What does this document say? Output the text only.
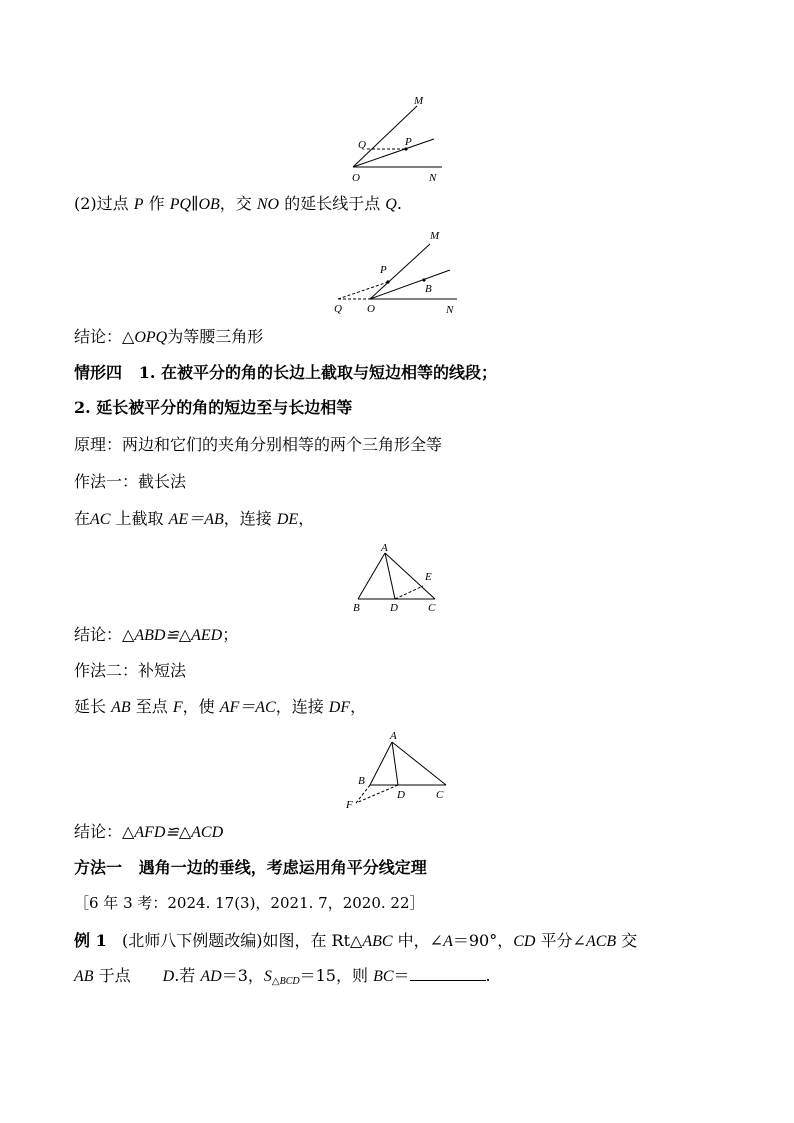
M
Q	P
O	N
(2)过点 P 作 PQ∥OB，交 NO 的延长线于点 Q.
M
P
B
Q O	N
结论：△OPQ为等腰三角形
情形四 1. 在被平分的角的长边上截取与短边相等的线段；
2. 延长被平分的角的短边至与长边相等
原理：两边和它们的夹角分别相等的两个三角形全等
作法一：截长法
在AC 上截取 AE＝AB，连接 DE，
A
E
B	D	C
结论：△ABD≌△AED；
作法二：补短法
延长 AB 至点 F，使 AF＝AC，连接 DF，
A
B
F
D	C
结论：△AFD≌△ACD
方法一 遇角一边的垂线，考虑运用角平分线定理
［6 年 3 考：2024. 17(3)，2021. 7，2020. 22］
例 1 (北师八下例题改编)如图，在 Rt△ABC 中，∠A＝90°，CD 平分∠ACB 交
AB 于点　　D.若 AD＝3，$S_{\triangle BCD}=15$，则 BC＝	.
